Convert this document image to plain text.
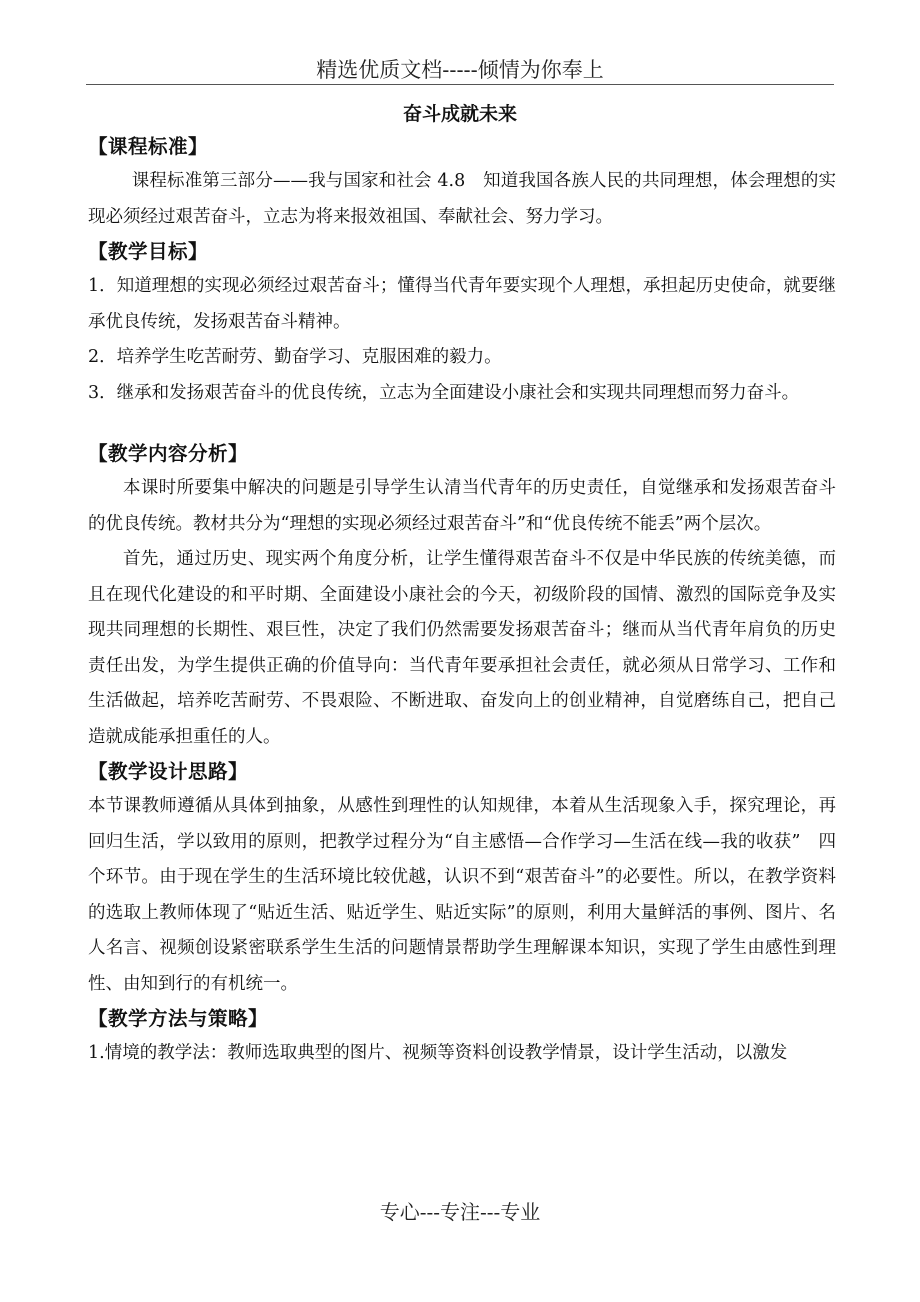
精选优质文档-----倾情为你奉上
奋斗成就未来

【课程标准】

课程标准第三部分——我与国家和社会 4.8　知道我国各族人民的共同理想，体会理想的实现必须经过艰苦奋斗，立志为将来报效祖国、奉献社会、努力学习。

【教学目标】

1．知道理想的实现必须经过艰苦奋斗；懂得当代青年要实现个人理想，承担起历史使命，就要继承优良传统，发扬艰苦奋斗精神。

2．培养学生吃苦耐劳、勤奋学习、克服困难的毅力。

3．继承和发扬艰苦奋斗的优良传统，立志为全面建设小康社会和实现共同理想而努力奋斗。

【教学内容分析】

本课时所要集中解决的问题是引导学生认清当代青年的历史责任，自觉继承和发扬艰苦奋斗的优良传统。教材共分为“理想的实现必须经过艰苦奋斗”和“优良传统不能丢”两个层次。

首先，通过历史、现实两个角度分析，让学生懂得艰苦奋斗不仅是中华民族的传统美德，而且在现代化建设的和平时期、全面建设小康社会的今天，初级阶段的国情、激烈的国际竞争及实现共同理想的长期性、艰巨性，决定了我们仍然需要发扬艰苦奋斗；继而从当代青年肩负的历史责任出发，为学生提供正确的价值导向：当代青年要承担社会责任，就必须从日常学习、工作和生活做起，培养吃苦耐劳、不畏艰险、不断进取、奋发向上的创业精神，自觉磨练自己，把自己造就成能承担重任的人。

【教学设计思路】

本节课教师遵循从具体到抽象，从感性到理性的认知规律，本着从生活现象入手，探究理论，再回归生活，学以致用的原则，把教学过程分为“自主感悟—合作学习—生活在线—我的收获”　四个环节。由于现在学生的生活环境比较优越，认识不到“艰苦奋斗”的必要性。所以，在教学资料的选取上教师体现了“贴近生活、贴近学生、贴近实际”的原则，利用大量鲜活的事例、图片、名人名言、视频创设紧密联系学生生活的问题情景帮助学生理解课本知识，实现了学生由感性到理性、由知到行的有机统一。

【教学方法与策略】

1.情境的教学法：教师选取典型的图片、视频等资料创设教学情景，设计学生活动，以激发

专心---专注---专业
